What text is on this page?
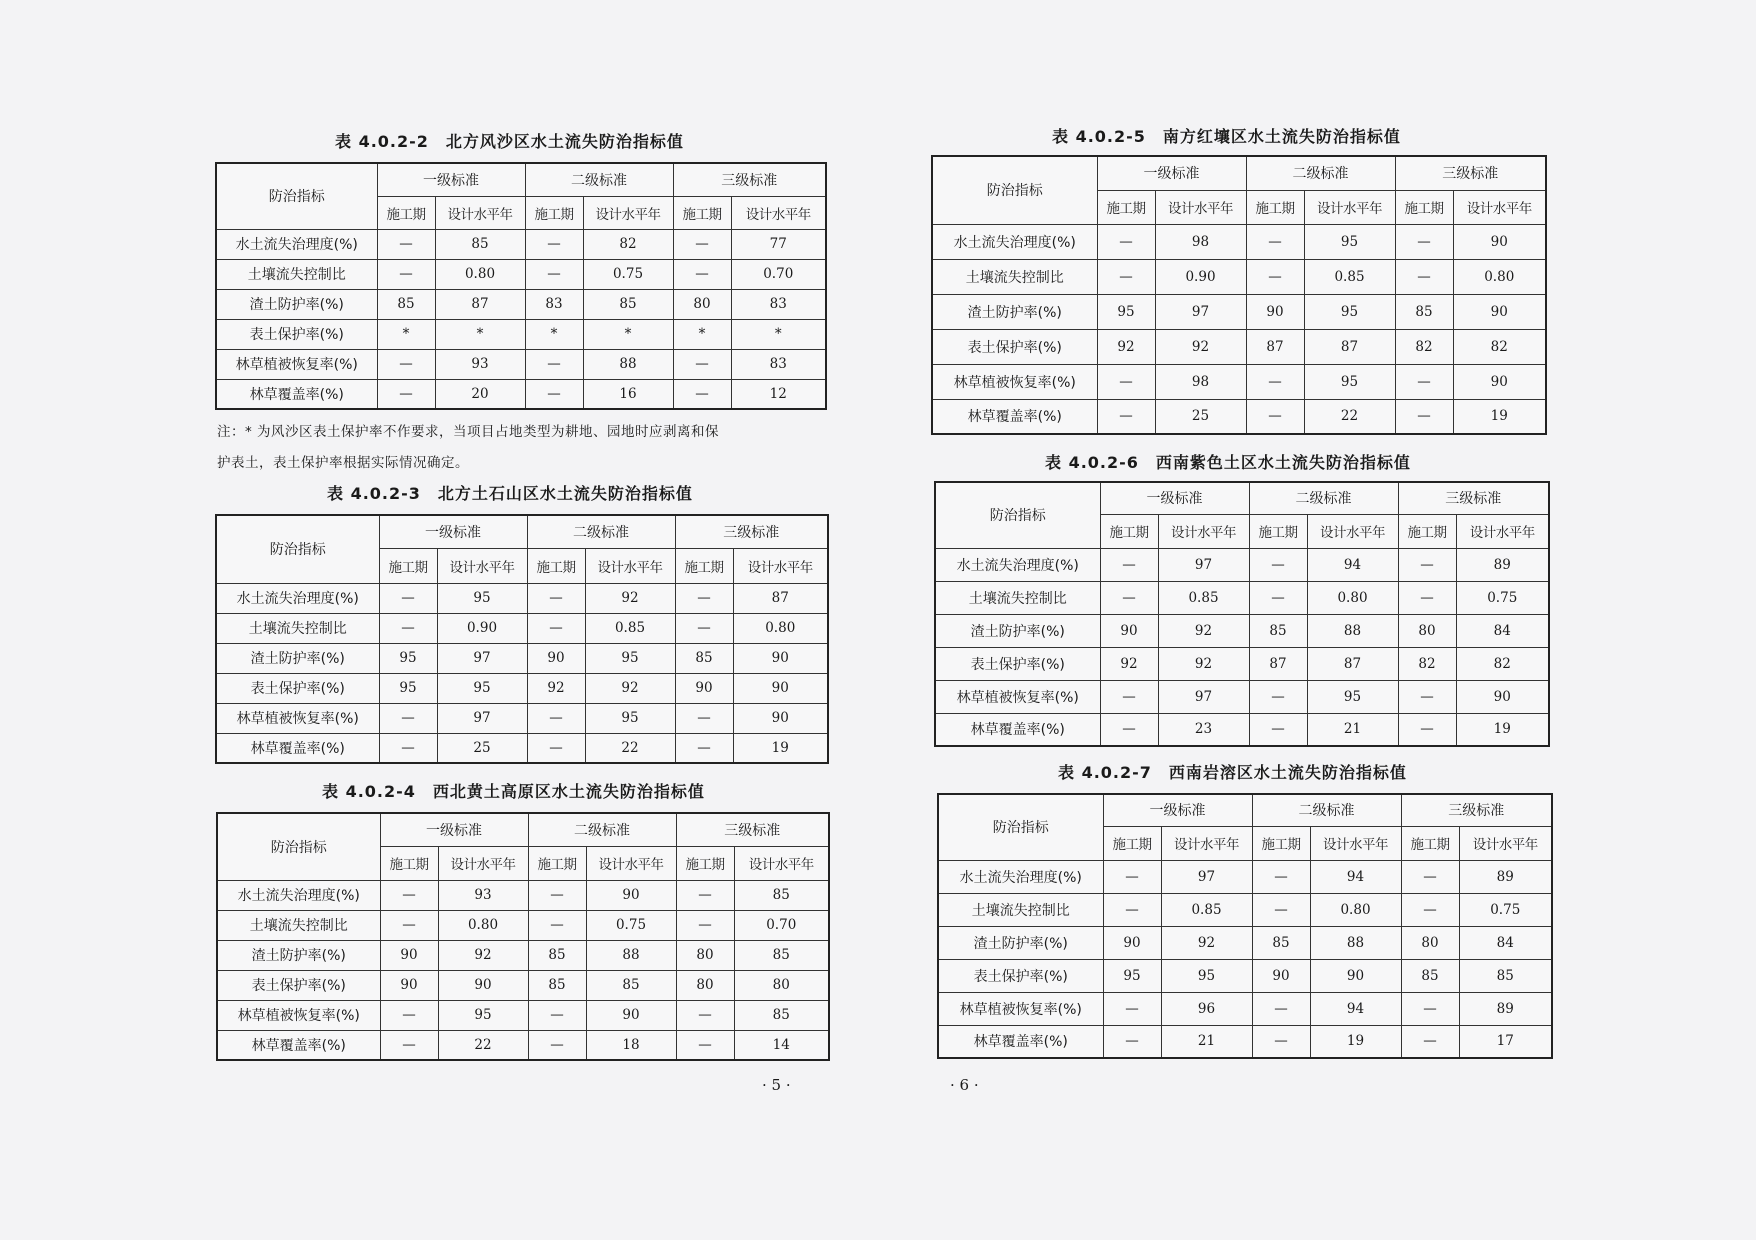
表 4.0.2-2　北方风沙区水土流失防治指标值
防治指标	一级标准		二级标准		三级标准	
	施工期	设计水平年	施工期	设计水平年	施工期	设计水平年
水土流失治理度(%)	—	85	—	82	—	77
土壤流失控制比	—	0.80	—	0.75	—	0.70
渣土防护率(%)	85	87	83	85	80	83
表土保护率(%)	*	*	*	*	*	*
林草植被恢复率(%)	—	93	—	88	—	83
林草覆盖率(%)	—	20	—	16	—	12
注：* 为风沙区表土保护率不作要求，当项目占地类型为耕地、园地时应剥离和保
护表土，表土保护率根据实际情况确定。
表 4.0.2-3　北方土石山区水土流失防治指标值
防治指标	一级标准		二级标准		三级标准	
	施工期	设计水平年	施工期	设计水平年	施工期	设计水平年
水土流失治理度(%)	—	95	—	92	—	87
土壤流失控制比	—	0.90	—	0.85	—	0.80
渣土防护率(%)	95	97	90	95	85	90
表土保护率(%)	95	95	92	92	90	90
林草植被恢复率(%)	—	97	—	95	—	90
林草覆盖率(%)	—	25	—	22	—	19
表 4.0.2-4　西北黄土高原区水土流失防治指标值
防治指标	一级标准		二级标准		三级标准	
	施工期	设计水平年	施工期	设计水平年	施工期	设计水平年
水土流失治理度(%)	—	93	—	90	—	85
土壤流失控制比	—	0.80	—	0.75	—	0.70
渣土防护率(%)	90	92	85	88	80	85
表土保护率(%)	90	90	85	85	80	80
林草植被恢复率(%)	—	95	—	90	—	85
林草覆盖率(%)	—	22	—	18	—	14
· 5 ·
表 4.0.2-5　南方红壤区水土流失防治指标值
防治指标	一级标准		二级标准		三级标准	
	施工期	设计水平年	施工期	设计水平年	施工期	设计水平年
水土流失治理度(%)	—	98	—	95	—	90
土壤流失控制比	—	0.90	—	0.85	—	0.80
渣土防护率(%)	95	97	90	95	85	90
表土保护率(%)	92	92	87	87	82	82
林草植被恢复率(%)	—	98	—	95	—	90
林草覆盖率(%)	—	25	—	22	—	19
表 4.0.2-6　西南紫色土区水土流失防治指标值
防治指标	一级标准		二级标准		三级标准	
	施工期	设计水平年	施工期	设计水平年	施工期	设计水平年
水土流失治理度(%)	—	97	—	94	—	89
土壤流失控制比	—	0.85	—	0.80	—	0.75
渣土防护率(%)	90	92	85	88	80	84
表土保护率(%)	92	92	87	87	82	82
林草植被恢复率(%)	—	97	—	95	—	90
林草覆盖率(%)	—	23	—	21	—	19
表 4.0.2-7　西南岩溶区水土流失防治指标值
防治指标	一级标准		二级标准		三级标准	
	施工期	设计水平年	施工期	设计水平年	施工期	设计水平年
水土流失治理度(%)	—	97	—	94	—	89
土壤流失控制比	—	0.85	—	0.80	—	0.75
渣土防护率(%)	90	92	85	88	80	84
表土保护率(%)	95	95	90	90	85	85
林草植被恢复率(%)	—	96	—	94	—	89
林草覆盖率(%)	—	21	—	19	—	17
· 6 ·
